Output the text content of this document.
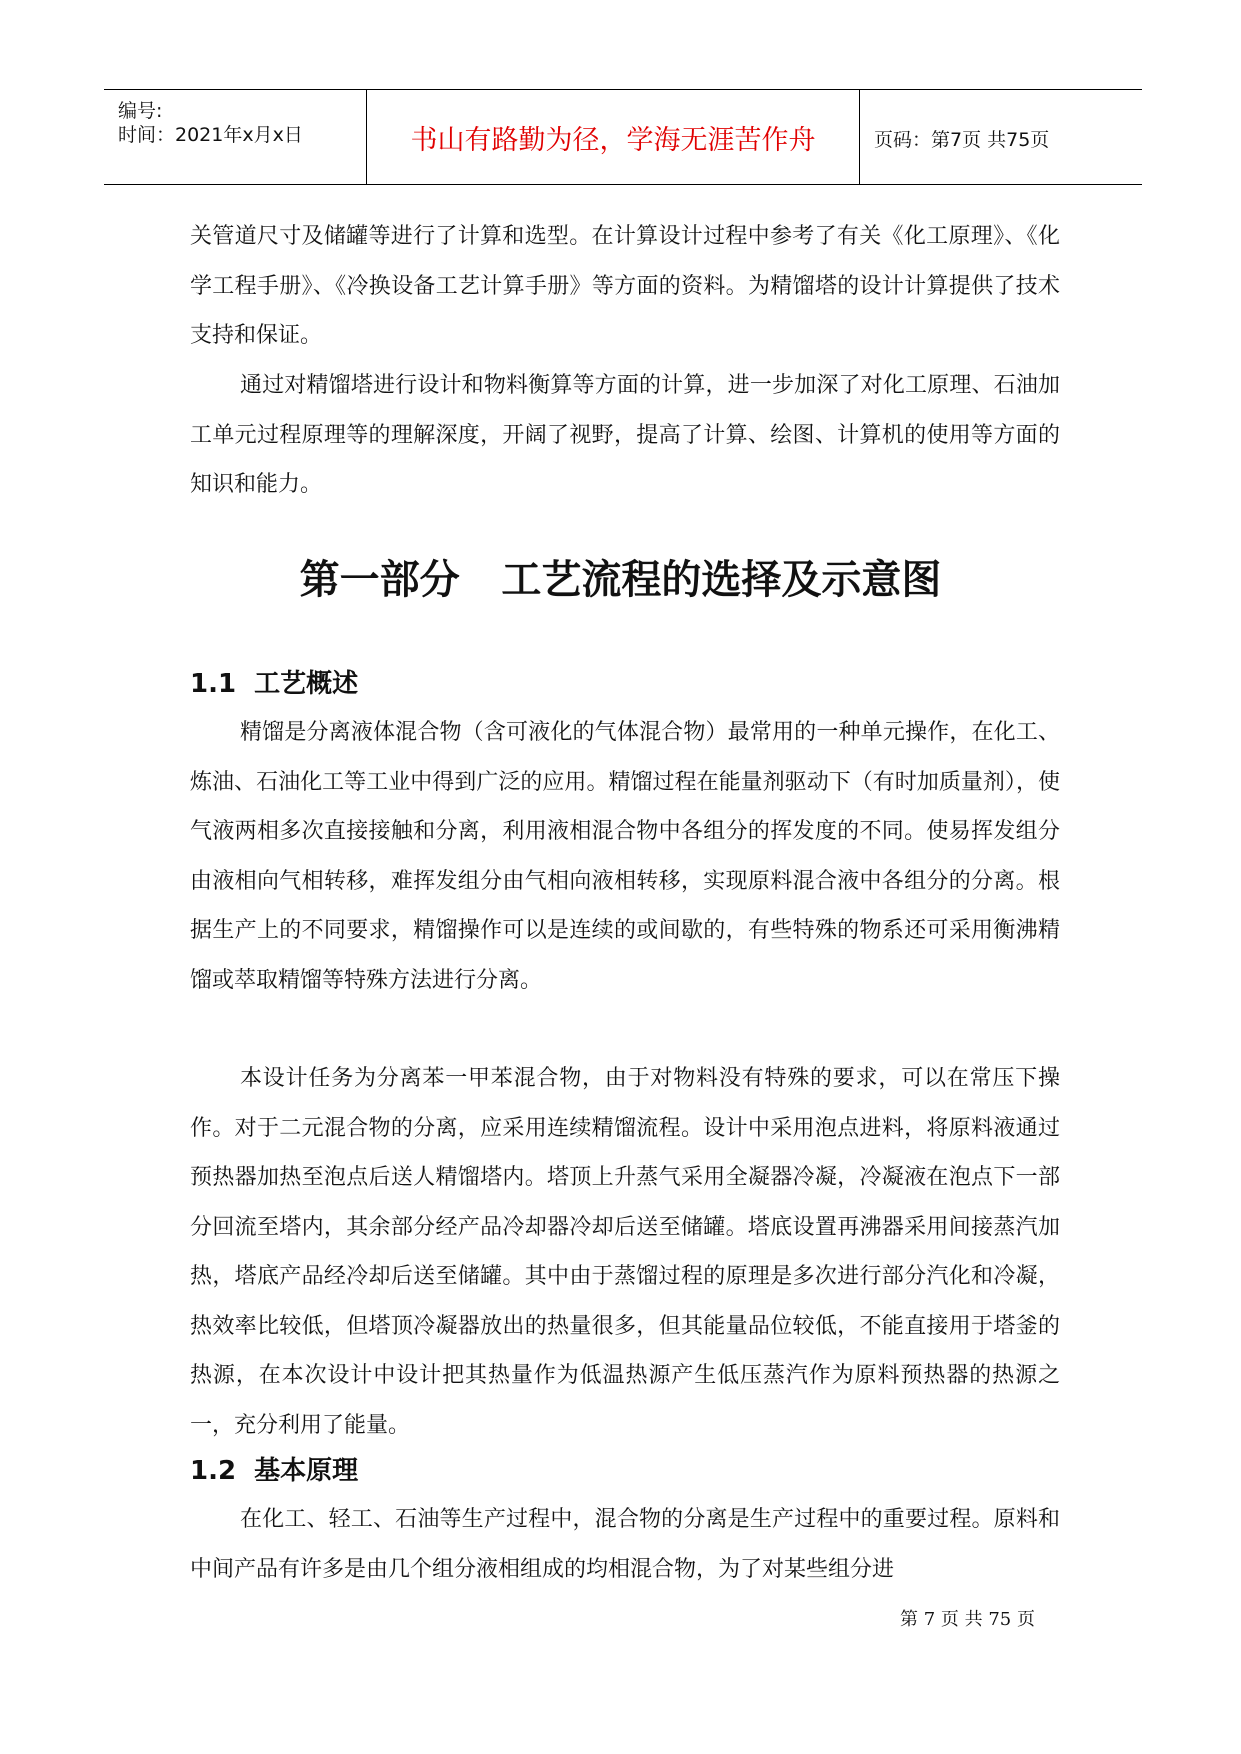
编号:
时间：2021年x月x日	书山有路勤为径，学海无涯苦作舟	页码：第7页 共75页

关管道尺寸及储罐等进行了计算和选型。在计算设计过程中参考了有关《化工原理》、《化学工程手册》、《冷换设备工艺计算手册》等方面的资料。为精馏塔的设计计算提供了技术支持和保证。

通过对精馏塔进行设计和物料衡算等方面的计算，进一步加深了对化工原理、石油加工单元过程原理等的理解深度，开阔了视野，提高了计算、绘图、计算机的使用等方面的知识和能力。

第一部分   工艺流程的选择及示意图
1.1  工艺概述

精馏是分离液体混合物（含可液化的气体混合物）最常用的一种单元操作，在化工、炼油、石油化工等工业中得到广泛的应用。精馏过程在能量剂驱动下（有时加质量剂），使气液两相多次直接接触和分离，利用液相混合物中各组分的挥发度的不同。使易挥发组分由液相向气相转移，难挥发组分由气相向液相转移，实现原料混合液中各组分的分离。根据生产上的不同要求，精馏操作可以是连续的或间歇的，有些特殊的物系还可采用衡沸精馏或萃取精馏等特殊方法进行分离。

本设计任务为分离苯一甲苯混合物，由于对物料没有特殊的要求，可以在常压下操作。对于二元混合物的分离，应采用连续精馏流程。设计中采用泡点进料，将原料液通过预热器加热至泡点后送人精馏塔内。塔顶上升蒸气采用全凝器冷凝，冷凝液在泡点下一部分回流至塔内，其余部分经产品冷却器冷却后送至储罐。塔底设置再沸器采用间接蒸汽加热，塔底产品经冷却后送至储罐。其中由于蒸馏过程的原理是多次进行部分汽化和冷凝，热效率比较低，但塔顶冷凝器放出的热量很多，但其能量品位较低，不能直接用于塔釜的热源，在本次设计中设计把其热量作为低温热源产生低压蒸汽作为原料预热器的热源之一，充分利用了能量。

1.2  基本原理

在化工、轻工、石油等生产过程中，混合物的分离是生产过程中的重要过程。原料和中间产品有许多是由几个组分液相组成的均相混合物，为了对某些组分进

第 7 页 共 75 页
